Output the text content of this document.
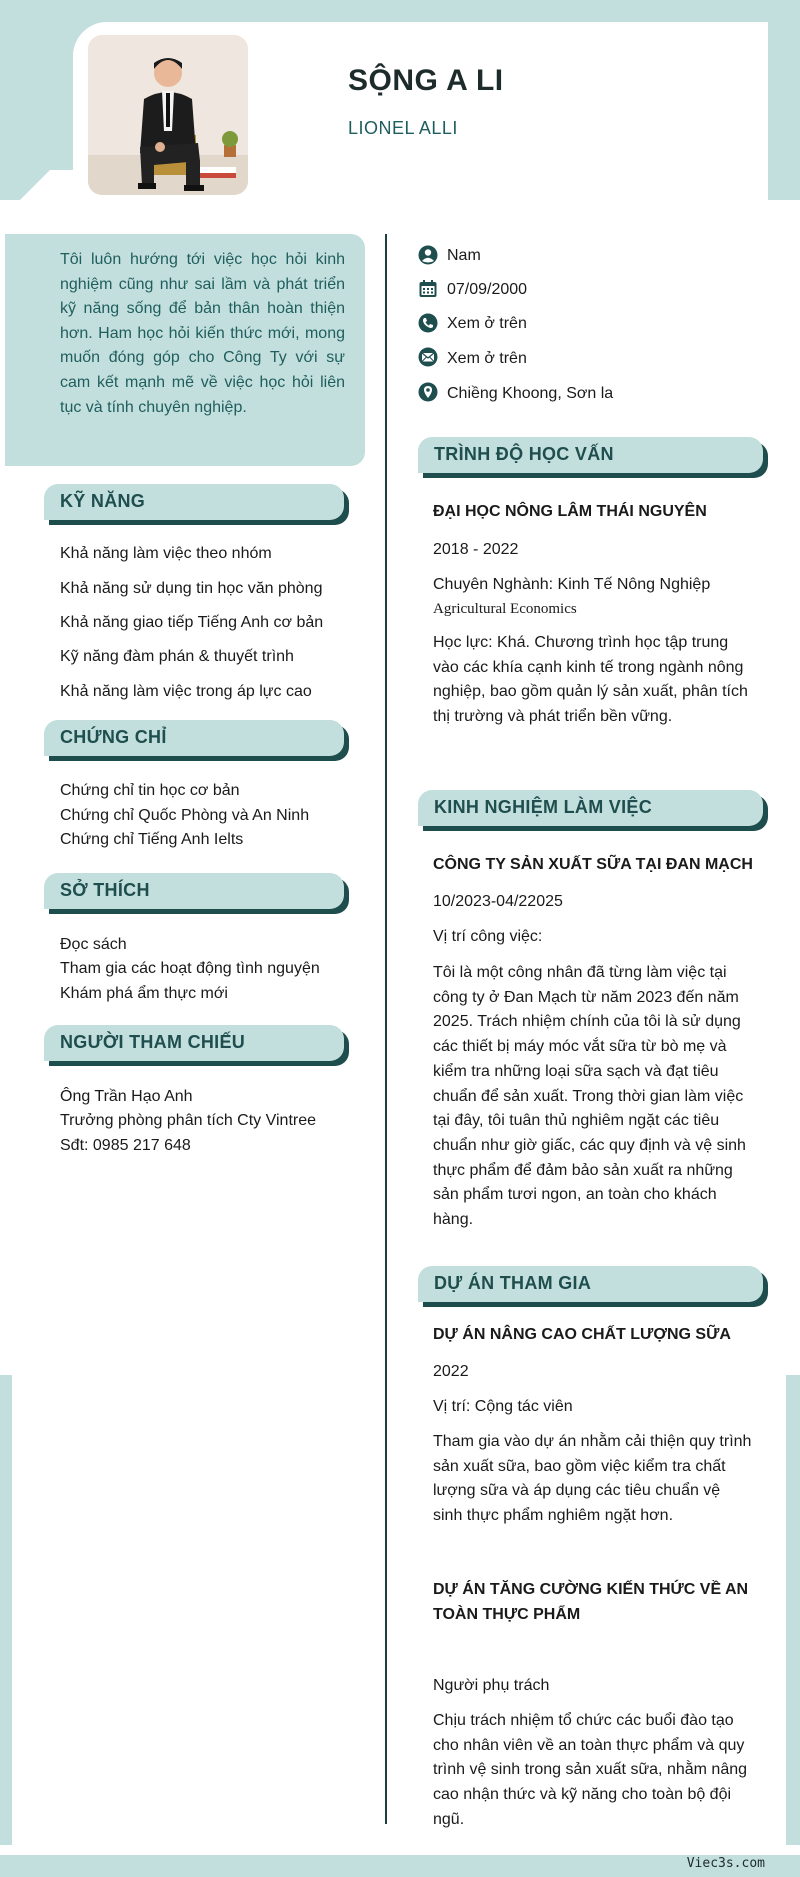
SỘNG A LI
LIONEL ALLI
Tôi luôn hướng tới việc học hỏi kinh nghiệm cũng như sai lầm và phát triển kỹ năng sống để bản thân hoàn thiện hơn. Ham học hỏi kiến thức mới, mong muốn đóng góp cho Công Ty với sự cam kết mạnh mẽ về việc học hỏi liên tục và tính chuyên nghiệp.
KỸ NĂNG
Khả năng làm việc theo nhóm
Khả năng sử dụng tin học văn phòng
Khả năng giao tiếp Tiếng Anh cơ bản
Kỹ năng đàm phán & thuyết trình
Khả năng làm việc trong áp lực cao
CHỨNG CHỈ
Chứng chỉ tin học cơ bản
Chứng chỉ Quốc Phòng và An Ninh
Chứng chỉ Tiếng Anh Ielts
SỞ THÍCH
Đọc sách
Tham gia các hoạt động tình nguyện
Khám phá ẩm thực mới
NGƯỜI THAM CHIẾU
Ông Trần Hạo Anh
Trưởng phòng phân tích Cty Vintree
Sđt: 0985 217 648
Nam
07/09/2000
Xem ở trên
Xem ở trên
Chiềng Khoong, Sơn la
TRÌNH ĐỘ HỌC VẤN
ĐẠI HỌC NÔNG LÂM THÁI NGUYÊN
2018 - 2022
Chuyên Nghành: Kinh Tế Nông Nghiệp
Agricultural Economics
Học lực: Khá. Chương trình học tập trung vào các khía cạnh kinh tế trong ngành nông nghiệp, bao gồm quản lý sản xuất, phân tích thị trường và phát triển bền vững.
KINH NGHIỆM LÀM VIỆC
CÔNG TY SẢN XUẤT SỮA TẠI ĐAN MẠCH
10/2023-04/22025
Vị trí công việc:
Tôi là một công nhân đã từng làm việc tại công ty ở Đan Mạch từ năm 2023 đến năm 2025. Trách nhiệm chính của tôi là sử dụng các thiết bị máy móc vắt sữa từ bò mẹ và kiểm tra những loại sữa sạch và đạt tiêu chuẩn để sản xuất. Trong thời gian làm việc tại đây, tôi tuân thủ nghiêm ngặt các tiêu chuẩn như giờ giấc, các quy định và vệ sinh thực phẩm để đảm bảo sản xuất ra những sản phẩm tươi ngon, an toàn cho khách hàng.
DỰ ÁN THAM GIA
DỰ ÁN NÂNG CAO CHẤT LƯỢNG SỮA
2022
Vị trí: Cộng tác viên
Tham gia vào dự án nhằm cải thiện quy trình sản xuất sữa, bao gồm việc kiểm tra chất lượng sữa và áp dụng các tiêu chuẩn vệ sinh thực phẩm nghiêm ngặt hơn.
DỰ ÁN TĂNG CƯỜNG KIẾN THỨC VỀ AN TOÀN THỰC PHẨM
Người phụ trách
Chịu trách nhiệm tổ chức các buổi đào tạo cho nhân viên về an toàn thực phẩm và quy trình vệ sinh trong sản xuất sữa, nhằm nâng cao nhận thức và kỹ năng cho toàn bộ đội ngũ.
Viec3s.com
